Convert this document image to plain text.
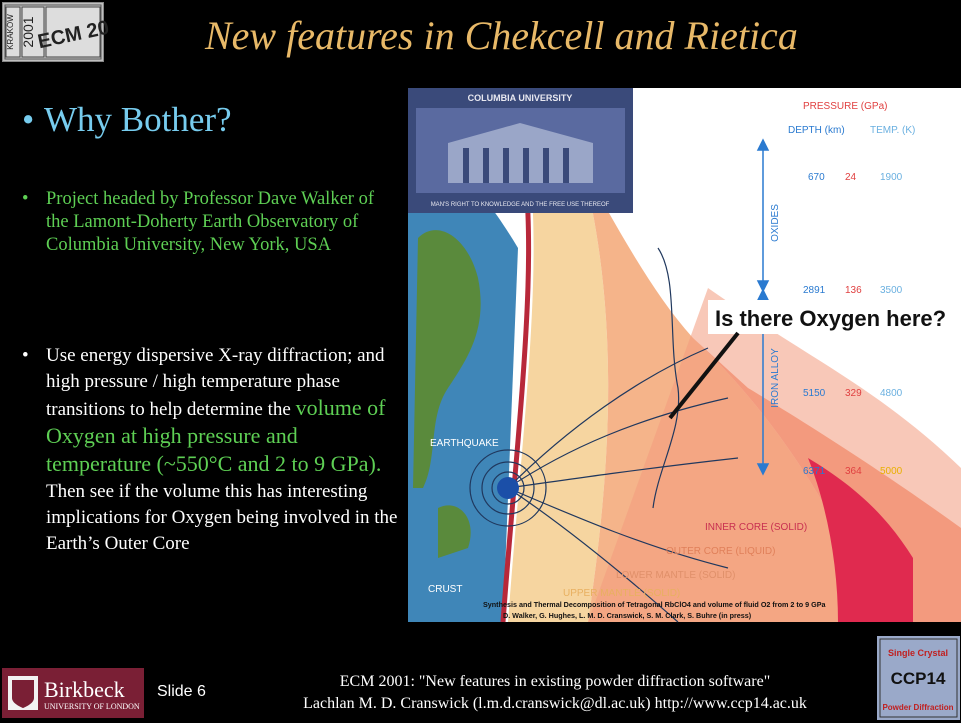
KRAKÓW 2001 ECM 20 New features in Chekcell and Rietica
• Why Bother?
• Project headed by Professor Dave Walker of the Lamont-Doherty Earth Observatory of Columbia University, New York, USA
• Use energy dispersive X-ray diffraction; and high pressure / high temperature phase transitions to help determine the volume of Oxygen at high pressure and temperature (~550°C and 2 to 9 GPa). Then see if the volume this has interesting implications for Oxygen being involved in the Earth’s Outer Core
COLUMBIA UNIVERSITY
MAN'S RIGHT TO KNOWLEDGE AND THE FREE USE THEREOF
PRESSURE (GPa)
DEPTH (km)	TEMP. (K)
670 24 1900
2891 136 3500
5150 329 4800
6371 364 5000
OXIDES
IRON ALLOY
Is there Oxygen here?
EARTHQUAKE
INNER CORE (SOLID)
OUTER CORE (LIQUID)
LOWER MANTLE (SOLID)
UPPER MANTLE (SOLID)
CRUST
Synthesis and Thermal Decomposition of Tetragonal RbClO4 and volume of fluid O2 from 2 to 9 GPa
D. Walker, G. Hughes, L. M. D. Cranswick, S. M. Clark, S. Buhre (in press)
Birkbeck
UNIVERSITY OF LONDON
Slide 6
ECM 2001: "New features in existing powder diffraction software"
Lachlan M. D. Cranswick (l.m.d.cranswick@dl.ac.uk) http://www.ccp14.ac.uk
Single Crystal
CCP14
Powder Diffraction
